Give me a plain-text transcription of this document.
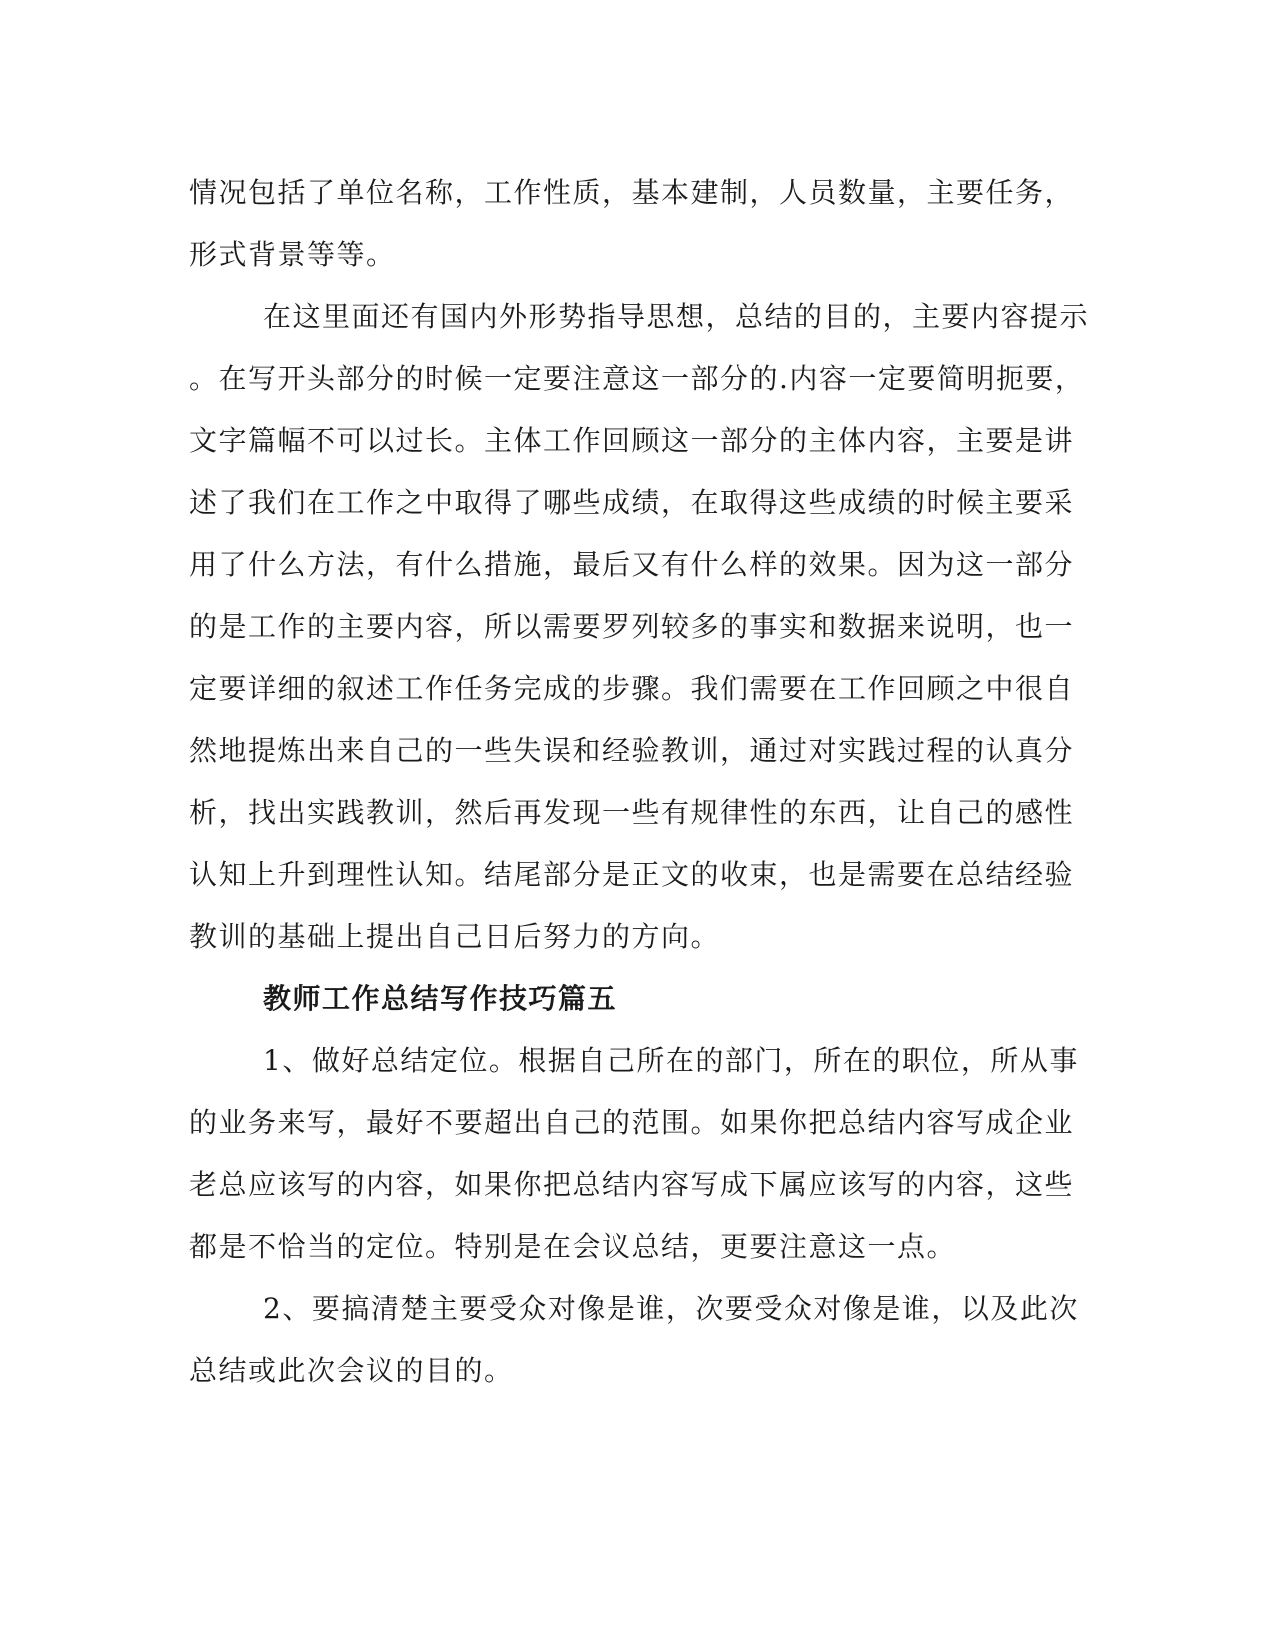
情况包括了单位名称，工作性质，基本建制，人员数量，主要任务，
形式背景等等。

在这里面还有国内外形势指导思想，总结的目的，主要内容提示
。在写开头部分的时候一定要注意这一部分的.内容一定要简明扼要，
文字篇幅不可以过长。主体工作回顾这一部分的主体内容，主要是讲
述了我们在工作之中取得了哪些成绩，在取得这些成绩的时候主要采
用了什么方法，有什么措施，最后又有什么样的效果。因为这一部分
的是工作的主要内容，所以需要罗列较多的事实和数据来说明，也一
定要详细的叙述工作任务完成的步骤。我们需要在工作回顾之中很自
然地提炼出来自己的一些失误和经验教训，通过对实践过程的认真分
析，找出实践教训，然后再发现一些有规律性的东西，让自己的感性
认知上升到理性认知。结尾部分是正文的收束，也是需要在总结经验
教训的基础上提出自己日后努力的方向。

教师工作总结写作技巧篇五

1、做好总结定位。根据自己所在的部门，所在的职位，所从事
的业务来写，最好不要超出自己的范围。如果你把总结内容写成企业
老总应该写的内容，如果你把总结内容写成下属应该写的内容，这些
都是不恰当的定位。特别是在会议总结，更要注意这一点。

2、要搞清楚主要受众对像是谁，次要受众对像是谁，以及此次
总结或此次会议的目的。
